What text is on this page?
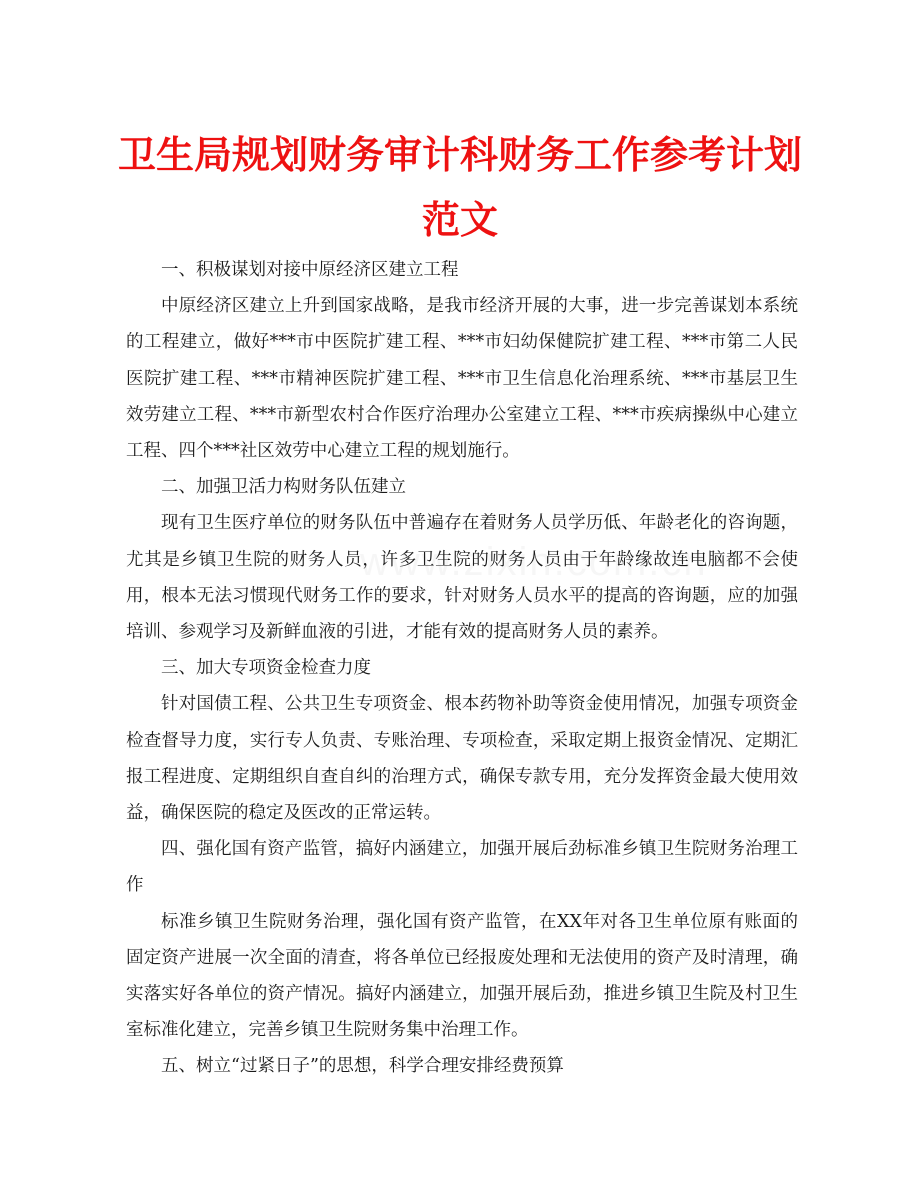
卫生局规划财务审计科财务工作参考计划
范文

一、积极谋划对接中原经济区建立工程

中原经济区建立上升到国家战略，是我市经济开展的大事，进一步完善谋划本系统的工程建立，做好***市中医院扩建工程、***市妇幼保健院扩建工程、***市第二人民医院扩建工程、***市精神医院扩建工程、***市卫生信息化治理系统、***市基层卫生效劳建立工程、***市新型农村合作医疗治理办公室建立工程、***市疾病操纵中心建立工程、四个***社区效劳中心建立工程的规划施行。

二、加强卫活力构财务队伍建立

现有卫生医疗单位的财务队伍中普遍存在着财务人员学历低、年龄老化的咨询题，尤其是乡镇卫生院的财务人员，许多卫生院的财务人员由于年龄缘故连电脑都不会使用，根本无法习惯现代财务工作的要求，针对财务人员水平的提高的咨询题，应的加强培训、参观学习及新鲜血液的引进，才能有效的提高财务人员的素养。

三、加大专项资金检查力度

针对国债工程、公共卫生专项资金、根本药物补助等资金使用情况，加强专项资金检查督导力度，实行专人负责、专账治理、专项检查，采取定期上报资金情况、定期汇报工程进度、定期组织自查自纠的治理方式，确保专款专用，充分发挥资金最大使用效益，确保医院的稳定及医改的正常运转。

四、强化国有资产监管，搞好内涵建立，加强开展后劲标准乡镇卫生院财务治理工作

标准乡镇卫生院财务治理，强化国有资产监管，在XX年对各卫生单位原有账面的固定资产进展一次全面的清查，将各单位已经报废处理和无法使用的资产及时清理，确实落实好各单位的资产情况。搞好内涵建立，加强开展后劲，推进乡镇卫生院及村卫生室标准化建立，完善乡镇卫生院财务集中治理工作。

五、树立“过紧日子”的思想，科学合理安排经费预算
